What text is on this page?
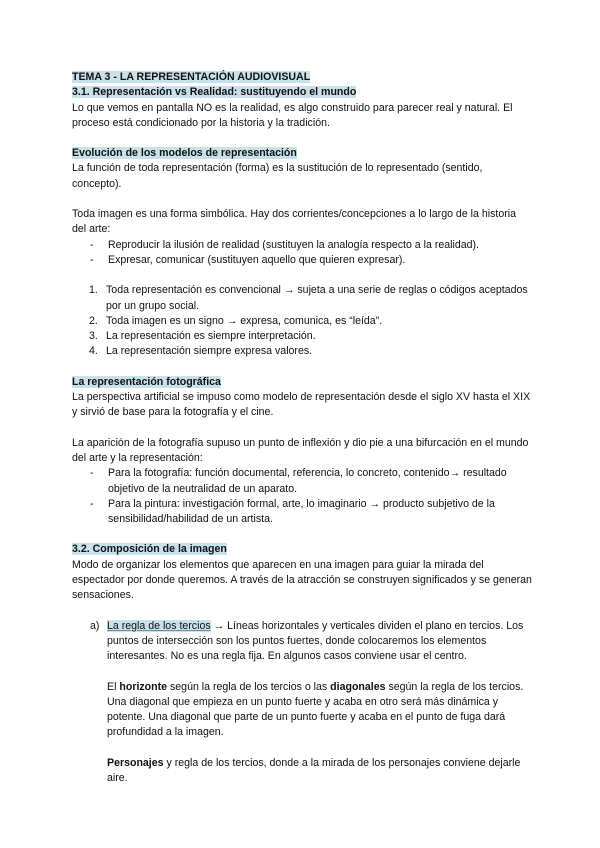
TEMA 3 - LA REPRESENTACIÓN AUDIOVISUAL

3.1. Representación vs Realidad: sustituyendo el mundo

Lo que vemos en pantalla NO es la realidad, es algo construido para parecer real y natural. El proceso está condicionado por la historia y la tradición.

Evolución de los modelos de representación

La función de toda representación (forma) es la sustitución de lo representado (sentido, concepto).

Toda imagen es una forma simbólica. Hay dos corrientes/concepciones a lo largo de la historia del arte:

- Reproducir la ilusión de realidad (sustituyen la analogía respecto a la realidad).
- Expresar, comunicar (sustituyen aquello que quieren expresar).
1. Toda representación es convencional → sujeta a una serie de reglas o códigos aceptados por un grupo social.
2. Toda imagen es un signo → expresa, comunica, es “leída”.
3. La representación es siempre interpretación.
4. La representación siempre expresa valores.

La representación fotográfica

La perspectiva artificial se impuso como modelo de representación desde el siglo XV hasta el XIX y sirvió de base para la fotografía y el cine.

La aparición de la fotografía supuso un punto de inflexión y dio pie a una bifurcación en el mundo del arte y la representación:

- Para la fotografía: función documental, referencia, lo concreto, contenido→ resultado objetivo de la neutralidad de un aparato.
- Para la pintura: investigación formal, arte, lo imaginario → producto subjetivo de la sensibilidad/habilidad de un artista.

3.2. Composición de la imagen

Modo de organizar los elementos que aparecen en una imagen para guiar la mirada del espectador por donde queremos. A través de la atracción se construyen significados y se generan sensaciones.

a) La regla de los tercios → Líneas horizontales y verticales dividen el plano en tercios. Los puntos de intersección son los puntos fuertes, donde colocaremos los elementos interesantes. No es una regla fija. En algunos casos conviene usar el centro.

El horizonte según la regla de los tercios o las diagonales según la regla de los tercios. Una diagonal que empieza en un punto fuerte y acaba en otro será más dinámica y potente. Una diagonal que parte de un punto fuerte y acaba en el punto de fuga dará profundidad a la imagen.

Personajes y regla de los tercios, donde a la mirada de los personajes conviene dejarle aire.
